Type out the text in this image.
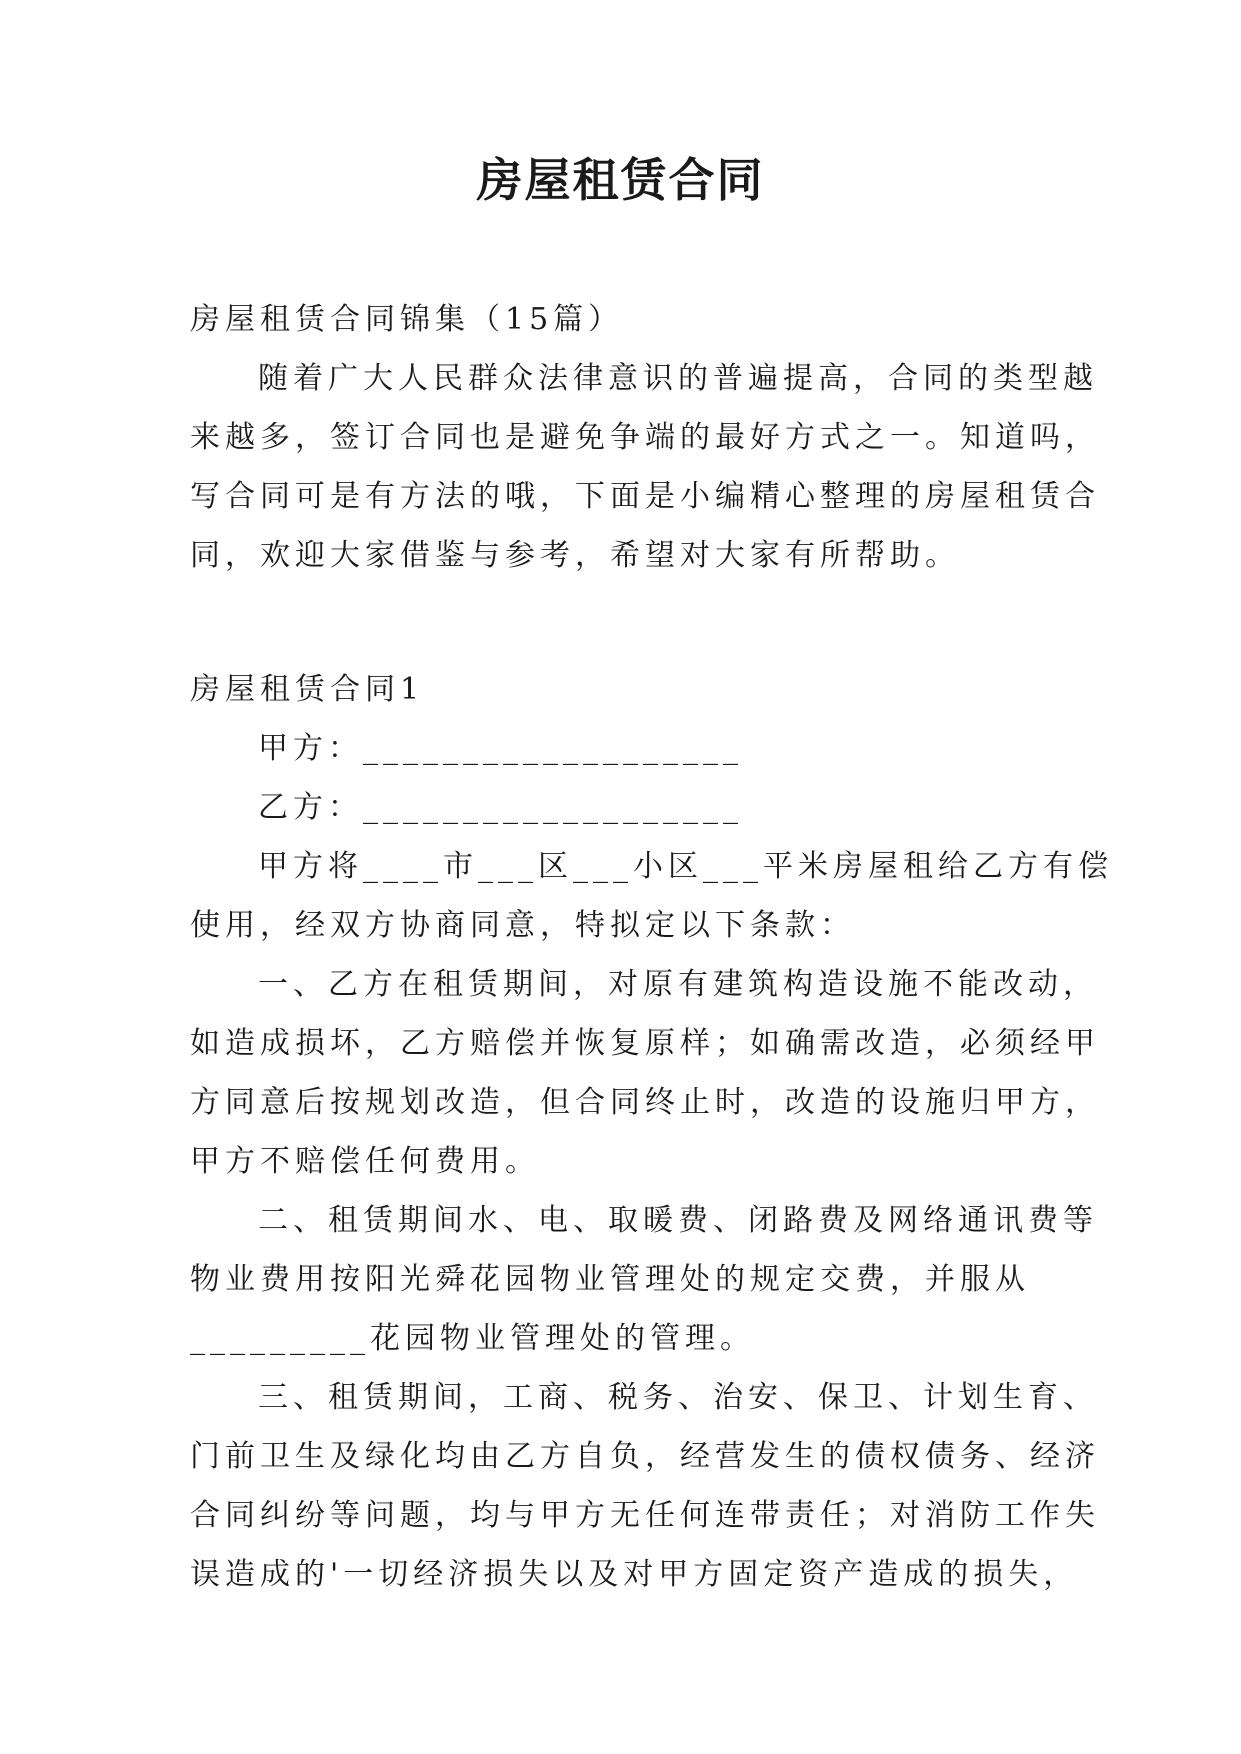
房屋租赁合同

房屋租赁合同锦集（15篇）

随着广大人民群众法律意识的普遍提高，合同的类型越

来越多，签订合同也是避免争端的最好方式之一。知道吗，

写合同可是有方法的哦，下面是小编精心整理的房屋租赁合

同，欢迎大家借鉴与参考，希望对大家有所帮助。

房屋租赁合同1

甲方：___________________

乙方：___________________

甲方将____市___区___小区___平米房屋租给乙方有偿

使用，经双方协商同意，特拟定以下条款：

一、乙方在租赁期间，对原有建筑构造设施不能改动，

如造成损坏，乙方赔偿并恢复原样；如确需改造，必须经甲

方同意后按规划改造，但合同终止时，改造的设施归甲方，

甲方不赔偿任何费用。

二、租赁期间水、电、取暖费、闭路费及网络通讯费等

物业费用按阳光舜花园物业管理处的规定交费，并服从

_________花园物业管理处的管理。

三、租赁期间，工商、税务、治安、保卫、计划生育、

门前卫生及绿化均由乙方自负，经营发生的债权债务、经济

合同纠纷等问题，均与甲方无任何连带责任；对消防工作失

误造成的'一切经济损失以及对甲方固定资产造成的损失，
